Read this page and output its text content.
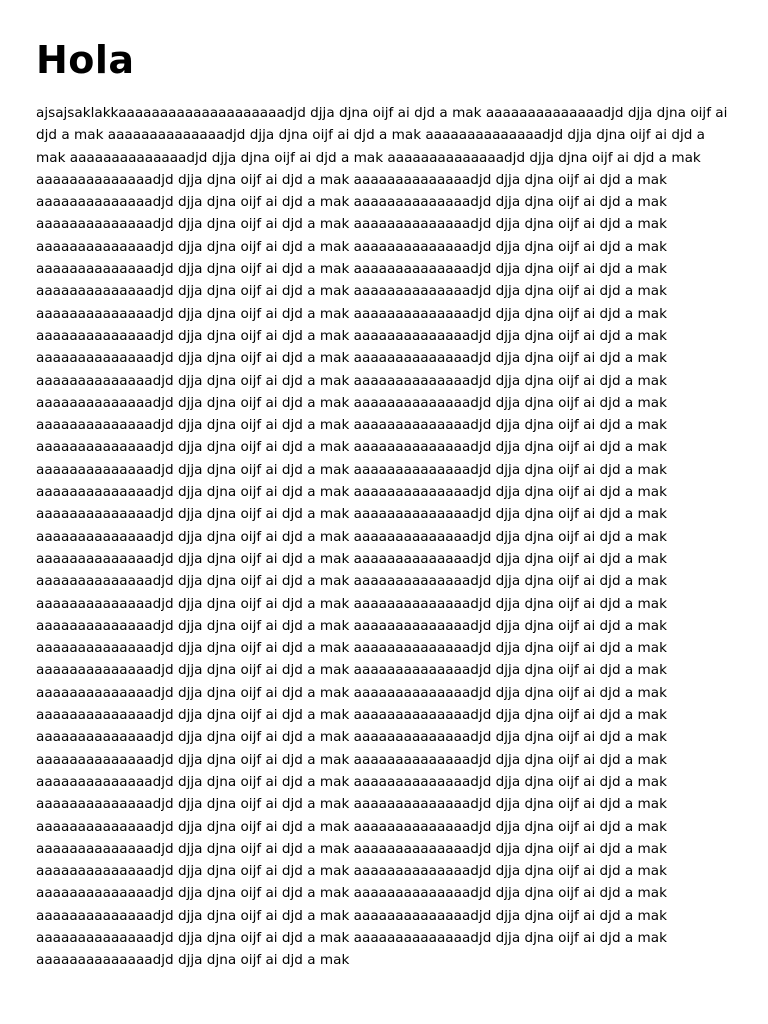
Hola

ajsajsaklakkaaaaaaaaaaaaaaaaaaaadjd djja djna oijf ai djd a mak aaaaaaaaaaaaaadjd djja djna oijf ai djd a mak aaaaaaaaaaaaaadjd djja djna oijf ai djd a mak aaaaaaaaaaaaaadjd djja djna oijf ai djd a mak aaaaaaaaaaaaaadjd djja djna oijf ai djd a mak aaaaaaaaaaaaaadjd djja djna oijf ai djd a mak aaaaaaaaaaaaaadjd djja djna oijf ai djd a mak aaaaaaaaaaaaaadjd djja djna oijf ai djd a mak aaaaaaaaaaaaaadjd djja djna oijf ai djd a mak aaaaaaaaaaaaaadjd djja djna oijf ai djd a mak aaaaaaaaaaaaaadjd djja djna oijf ai djd a mak aaaaaaaaaaaaaadjd djja djna oijf ai djd a mak aaaaaaaaaaaaaadjd djja djna oijf ai djd a mak aaaaaaaaaaaaaadjd djja djna oijf ai djd a mak aaaaaaaaaaaaaadjd djja djna oijf ai djd a mak aaaaaaaaaaaaaadjd djja djna oijf ai djd a mak aaaaaaaaaaaaaadjd djja djna oijf ai djd a mak aaaaaaaaaaaaaadjd djja djna oijf ai djd a mak aaaaaaaaaaaaaadjd djja djna oijf ai djd a mak aaaaaaaaaaaaaadjd djja djna oijf ai djd a mak aaaaaaaaaaaaaadjd djja djna oijf ai djd a mak aaaaaaaaaaaaaadjd djja djna oijf ai djd a mak aaaaaaaaaaaaaadjd djja djna oijf ai djd a mak aaaaaaaaaaaaaadjd djja djna oijf ai djd a mak aaaaaaaaaaaaaadjd djja djna oijf ai djd a mak aaaaaaaaaaaaaadjd djja djna oijf ai djd a mak aaaaaaaaaaaaaadjd djja djna oijf ai djd a mak aaaaaaaaaaaaaadjd djja djna oijf ai djd a mak aaaaaaaaaaaaaadjd djja djna oijf ai djd a mak aaaaaaaaaaaaaadjd djja djna oijf ai djd a mak aaaaaaaaaaaaaadjd djja djna oijf ai djd a mak aaaaaaaaaaaaaadjd djja djna oijf ai djd a mak aaaaaaaaaaaaaadjd djja djna oijf ai djd a mak aaaaaaaaaaaaaadjd djja djna oijf ai djd a mak aaaaaaaaaaaaaadjd djja djna oijf ai djd a mak aaaaaaaaaaaaaadjd djja djna oijf ai djd a mak aaaaaaaaaaaaaadjd djja djna oijf ai djd a mak aaaaaaaaaaaaaadjd djja djna oijf ai djd a mak aaaaaaaaaaaaaadjd djja djna oijf ai djd a mak aaaaaaaaaaaaaadjd djja djna oijf ai djd a mak aaaaaaaaaaaaaadjd djja djna oijf ai djd a mak aaaaaaaaaaaaaadjd djja djna oijf ai djd a mak aaaaaaaaaaaaaadjd djja djna oijf ai djd a mak aaaaaaaaaaaaaadjd djja djna oijf ai djd a mak aaaaaaaaaaaaaadjd djja djna oijf ai djd a mak aaaaaaaaaaaaaadjd djja djna oijf ai djd a mak aaaaaaaaaaaaaadjd djja djna oijf ai djd a mak aaaaaaaaaaaaaadjd djja djna oijf ai djd a mak aaaaaaaaaaaaaadjd djja djna oijf ai djd a mak aaaaaaaaaaaaaadjd djja djna oijf ai djd a mak aaaaaaaaaaaaaadjd djja djna oijf ai djd a mak aaaaaaaaaaaaaadjd djja djna oijf ai djd a mak aaaaaaaaaaaaaadjd djja djna oijf ai djd a mak aaaaaaaaaaaaaadjd djja djna oijf ai djd a mak aaaaaaaaaaaaaadjd djja djna oijf ai djd a mak aaaaaaaaaaaaaadjd djja djna oijf ai djd a mak aaaaaaaaaaaaaadjd djja djna oijf ai djd a mak aaaaaaaaaaaaaadjd djja djna oijf ai djd a mak aaaaaaaaaaaaaadjd djja djna oijf ai djd a mak aaaaaaaaaaaaaadjd djja djna oijf ai djd a mak aaaaaaaaaaaaaadjd djja djna oijf ai djd a mak aaaaaaaaaaaaaadjd djja djna oijf ai djd a mak aaaaaaaaaaaaaadjd djja djna oijf ai djd a mak aaaaaaaaaaaaaadjd djja djna oijf ai djd a mak aaaaaaaaaaaaaadjd djja djna oijf ai djd a mak aaaaaaaaaaaaaadjd djja djna oijf ai djd a mak aaaaaaaaaaaaaadjd djja djna oijf ai djd a mak aaaaaaaaaaaaaadjd djja djna oijf ai djd a mak aaaaaaaaaaaaaadjd djja djna oijf ai djd a mak aaaaaaaaaaaaaadjd djja djna oijf ai djd a mak aaaaaaaaaaaaaadjd djja djna oijf ai djd a mak aaaaaaaaaaaaaadjd djja djna oijf ai djd a mak aaaaaaaaaaaaaadjd djja djna oijf ai djd a mak aaaaaaaaaaaaaadjd djja djna oijf ai djd a mak aaaaaaaaaaaaaadjd djja djna oijf ai djd a mak aaaaaaaaaaaaaadjd djja djna oijf ai djd a mak aaaaaaaaaaaaaadjd djja djna oijf ai djd a mak
